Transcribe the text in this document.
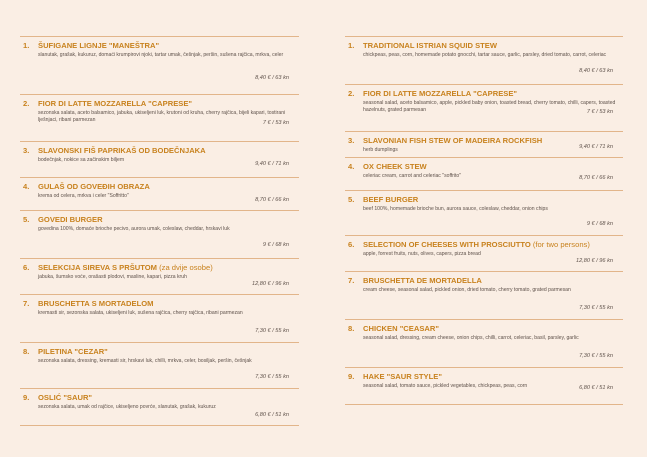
1. ŠUFIGANE LIGNJE "MANEŠTRA"
slanutak, grašak, kukuruz, domaći krumpirovi njoki, tartar umak, češnjak, peršin, sušena rajčica, mrkva, celer
8,40 € / 63 kn
2. FIOR DI LATTE MOZZARELLA "CAPRESE"
sezonska salata, aceto balsamico, jabuka, ukiseljeni luk, krutoni od kruha, cherry rajčica, bijeli kapari, tostirani lješnjaci, ribani parmezan	7 € / 53 kn
3. SLAVONSKI FIŠ PAPRIKAŠ OD BODEČNJAKA
bodečnjak, nokice sa začinskim biljem
9,40 € / 71 kn
4. GULAŠ OD GOVEĐIH OBRAZA
krema od celera, mrkva i celer "Soffritto"
8,70 € / 66 kn
5. GOVEDI BURGER
govedina 100%, domaće brioche pecivo, aurora umak, coleslaw, cheddar, hrskavi luk
9 € / 68 kn
6. SELEKCIJA SIREVA S PRŠUTOM (za dvije osobe)
jabuka, šumsko voće, orašasti plodovi, masline, kapari, pizza kruh
12,80 € / 96 kn
7. BRUSCHETTA S MORTADELOM
kremasti sir, sezonska salata, ukiseljeni luk, sušena rajčica, cherry rajčica, ribani parmezan
7,30 € / 55 kn
8. PILETINA "CEZAR"
sezonska salata, dressing, kremasti sir, hrskavi luk, chilli, mrkva, celer, bosiljak, peršin, češnjak
7,30 € / 55 kn
9. OSLIĆ "SAUR"
sezonska salata, umak od rajčice, ukiseljeno povrće, slanutak, grašak, kukuruz
6,80 € / 51 kn
1. TRADITIONAL ISTRIAN SQUID STEW
chickpeas, peas, corn, homemade potato gnocchi, tartar sauce, garlic, parsley, dried tomato, carrot, celeriac
8,40 € / 63 kn
2. FIOR DI LATTE MOZZARELLA "CAPRESE"
seasonal salad, aceto balsamico, apple, pickled baby onion, toasted bread, cherry tomato, chilli, capers, toasted hazelnuts, grated parmesan	7 € / 53 kn
3. SLAVONIAN FISH STEW OF MADEIRA ROCKFISH
herb dumplings	9,40 € / 71 kn
4. OX CHEEK STEW
celeriac cream, carrot and celeriac "soffrito"	8,70 € / 66 kn
5. BEEF BURGER
beef 100%, homemade brioche bun, aurora sauce, coleslaw, cheddar, onion chips
9 € / 68 kn
6. SELECTION OF CHEESES WITH PROSCIUTTO (for two persons)
apple, forrest fruits, nuts, olives, capers, pizza bread
12,80 € / 96 kn
7. BRUSCHETTA DE MORTADELLA
cream cheese, seasonal salad, pickled onion, dried tomato, cherry tomato, grated parmesan
7,30 € / 55 kn
8. CHICKEN "CEASAR"
seasonal salad, dressing, cream cheese, onion chips, chilli, carrot, celeriac, basil, parsley, garlic
7,30 € / 55 kn
9. HAKE "SAUR STYLE"
seasonal salad, tomato sauce, pickled vegetables, chickpeas, peas, corn	6,80 € / 51 kn
